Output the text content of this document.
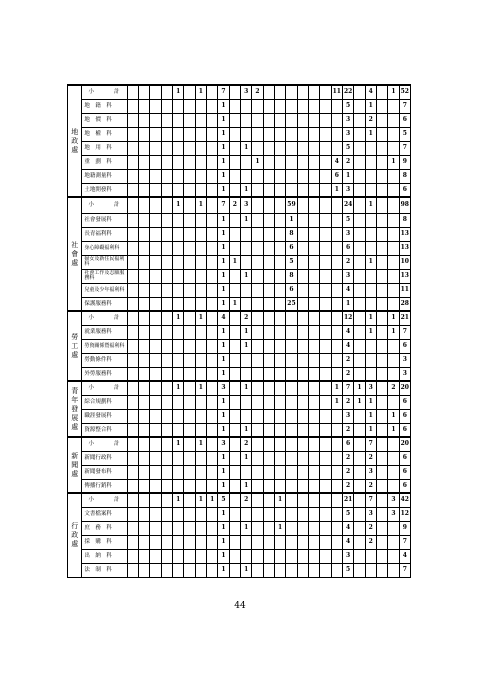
地政處	小　　計					1		1		7		3	2							11	22		4		1	52
	地　籍　科									1											5		1			7
	地　價　科									1											3		2			6
	地　權　科									1											3		1			5
	地　用　科									1		1									5					7
	重　劃　科									1			1							4	2				1	9
	地籍測量科									1										6	1					8
	土地開發科									1		1								1	3					6
社會處	小　　計					1		1		7	2	3				59					24		1			98
	社會發展科									1		1				1					5					8
	長青福利科									1						8					3					13
	身心障礙福利科									1						6					6					13
	婦女及新住民福利科									1	1					5					2		1			10
	社會工作及志願服務科									1		1				8					3					13
	兒童及少年福利科									1						6					4					11
	保護服務科									1	1					25					1					28
勞工處	小　　計					1		1		4		2									12		1		1	21
	就業服務科									1		1									4		1		1	7
	勞資關係暨福利科									1		1									4					6
	勞動條件科									1											2					3
	外勞服務科									1											2					3
青年發展處	小　　計					1		1		3		1								1	7	1	3		2	20
	綜合規劃科									1										1	2	1	1			6
	職涯發展科									1											3		1		1	6
	資源整合科									1		1									2		1		1	6
新聞處	小　　計					1		1		3		2									6		7			20
	新聞行政科									1		1									2		2			6
	新聞發布科									1											2		3			6
	傳播行銷科									1		1									2		2			6
行政處	小　　計					1		1	1	5		2			1						21		7		3	42
	文書檔案科									1											5		3		3	12
	庶　務　科									1		1			1						4		2			9
	採　購　科									1											4		2			7
	出　納　科									1											3					4
	法　制　科									1		1									5					7
44
